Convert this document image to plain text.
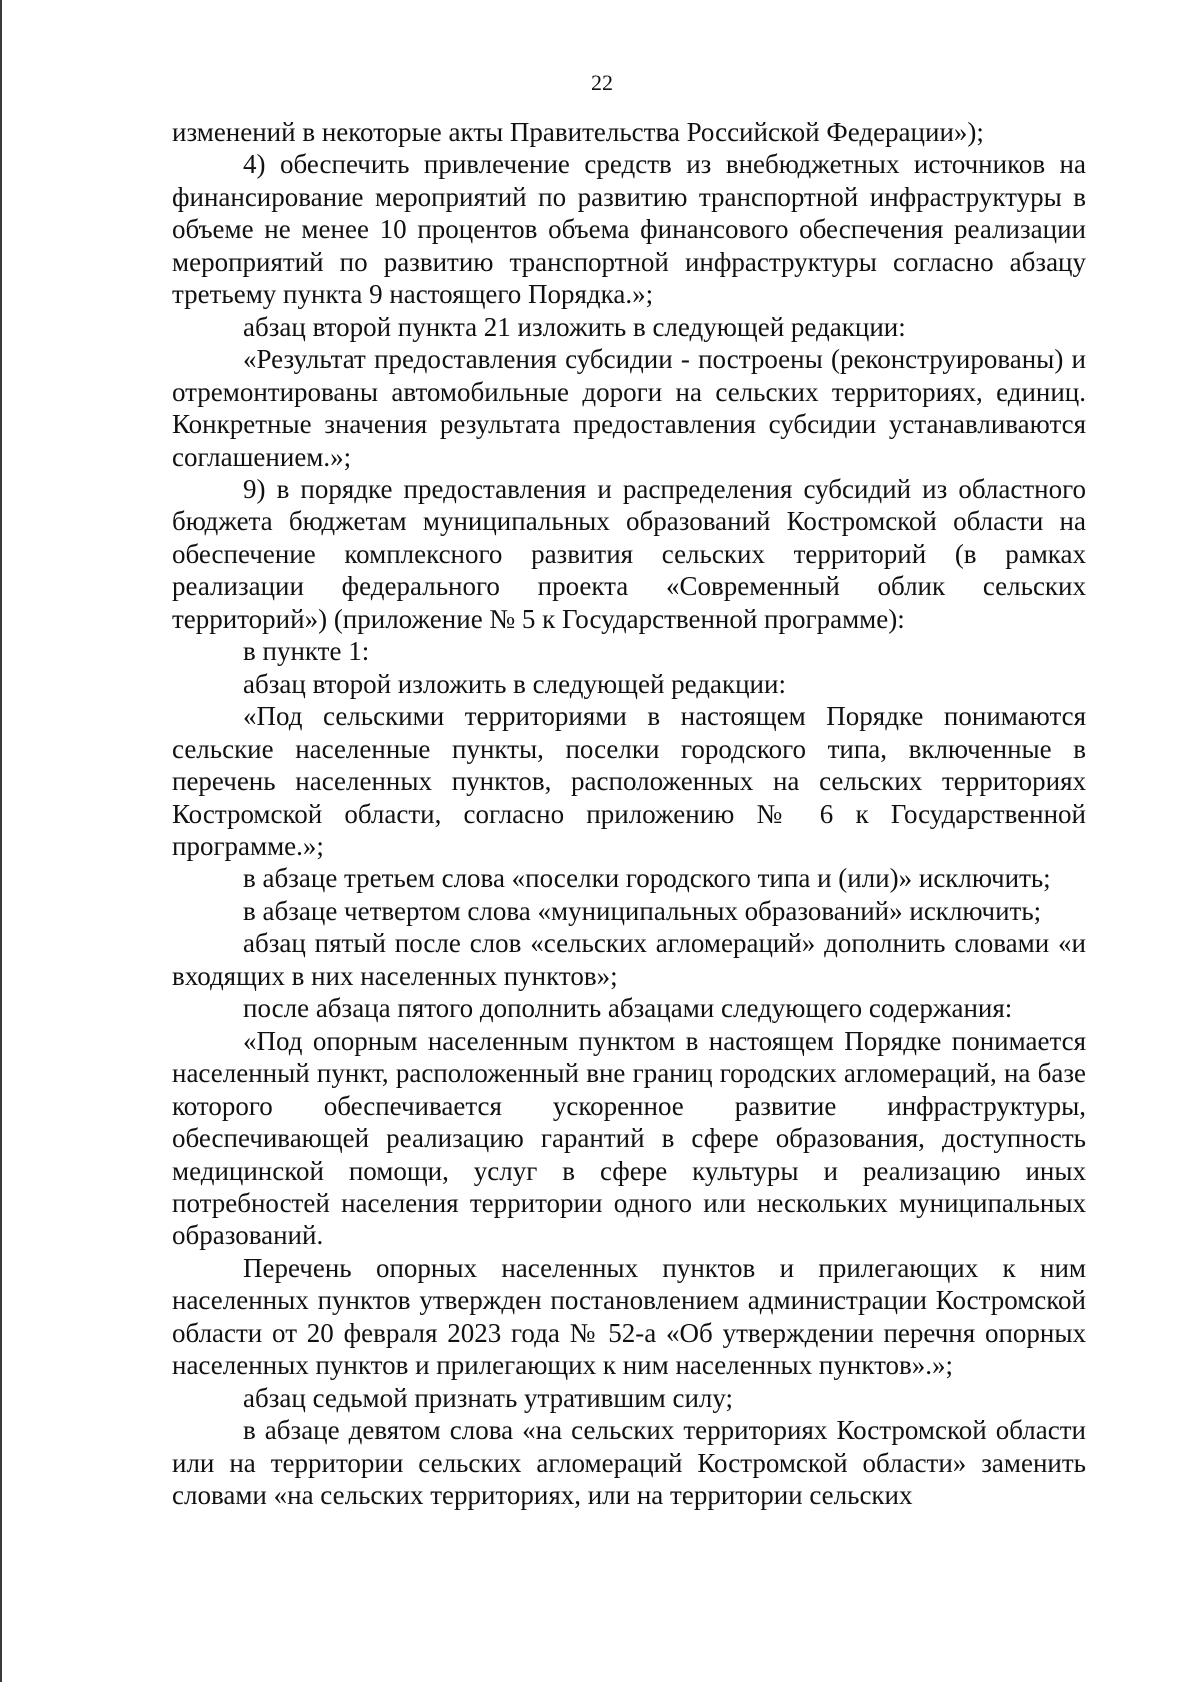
22

изменений в некоторые акты Правительства Российской Федерации»);

4) обеспечить привлечение средств из внебюджетных источников на финансирование мероприятий по развитию транспортной инфраструктуры в объеме не менее 10 процентов объема финансового обеспечения реализации мероприятий по развитию транспортной инфраструктуры согласно абзацу третьему пункта 9 настоящего Порядка.»;

абзац второй пункта 21 изложить в следующей редакции:

«Результат предоставления субсидии - построены (реконструированы) и отремонтированы автомобильные дороги на сельских территориях, единиц. Конкретные значения результата предоставления субсидии устанавливаются соглашением.»;

9) в порядке предоставления и распределения субсидий из областного бюджета бюджетам муниципальных образований Костромской области на обеспечение комплексного развития сельских территорий (в рамках реализации федерального проекта «Современный облик сельских территорий») (приложение № 5 к Государственной программе):

в пункте 1:

абзац второй изложить в следующей редакции:

«Под сельскими территориями в настоящем Порядке понимаются сельские населенные пункты, поселки городского типа, включенные в перечень населенных пунктов, расположенных на сельских территориях Костромской области, согласно приложению № 6 к Государственной программе.»;

в абзаце третьем слова «поселки городского типа и (или)» исключить;

в абзаце четвертом слова «муниципальных образований» исключить;

абзац пятый после слов «сельских агломераций» дополнить словами «и входящих в них населенных пунктов»;

после абзаца пятого дополнить абзацами следующего содержания:

«Под опорным населенным пунктом в настоящем Порядке понимается населенный пункт, расположенный вне границ городских агломераций, на базе которого обеспечивается ускоренное развитие инфраструктуры, обеспечивающей реализацию гарантий в сфере образования, доступность медицинской помощи, услуг в сфере культуры и реализацию иных потребностей населения территории одного или нескольких муниципальных образований.

Перечень опорных населенных пунктов и прилегающих к ним населенных пунктов утвержден постановлением администрации Костромской области от 20 февраля 2023 года № 52-а «Об утверждении перечня опорных населенных пунктов и прилегающих к ним населенных пунктов».»;

абзац седьмой признать утратившим силу;

в абзаце девятом слова «на сельских территориях Костромской области или на территории сельских агломераций Костромской области» заменить словами «на сельских территориях, или на территории сельских
